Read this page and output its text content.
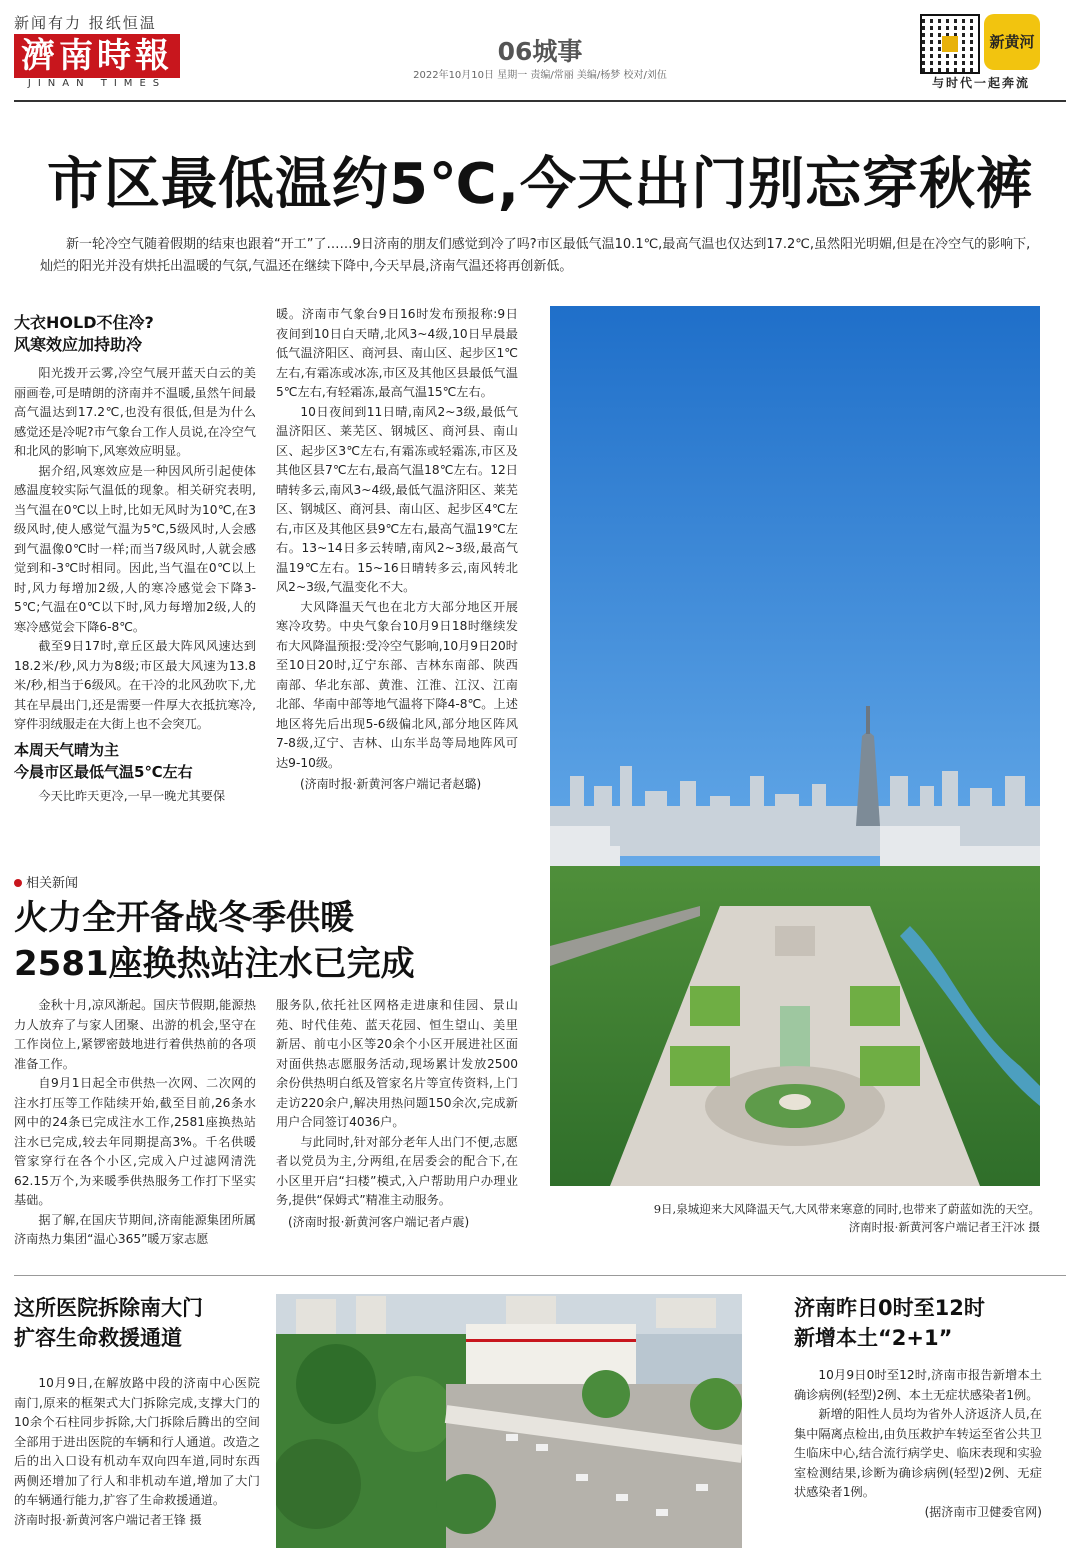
新闻有力 报纸恒温
濟南時報
JINAN TIMES
06城事
2022年10月10日 星期一 责编/常丽 美编/杨梦 校对/刘伍
新黄河
与时代一起奔流
市区最低温约5℃,今天出门别忘穿秋裤
新一轮冷空气随着假期的结束也跟着“开工”了……9日济南的朋友们感觉到冷了吗?市区最低气温10.1℃,最高气温也仅达到17.2℃,虽然阳光明媚,但是在冷空气的影响下,灿烂的阳光并没有烘托出温暖的气氛,气温还在继续下降中,今天早晨,济南气温还将再创新低。
大衣HOLD不住冷?
风寒效应加持助冷

阳光拨开云雾,冷空气展开蓝天白云的美丽画卷,可是晴朗的济南并不温暖,虽然午间最高气温达到17.2℃,也没有很低,但是为什么感觉还是冷呢?市气象台工作人员说,在冷空气和北风的影响下,风寒效应明显。

据介绍,风寒效应是一种因风所引起使体感温度较实际气温低的现象。相关研究表明,当气温在0℃以上时,比如无风时为10℃,在3级风时,使人感觉气温为5℃,5级风时,人会感到气温像0℃时一样;而当7级风时,人就会感觉到和-3℃时相同。因此,当气温在0℃以上时,风力每增加2级,人的寒冷感觉会下降3-5℃;气温在0℃以下时,风力每增加2级,人的寒冷感觉会下降6-8℃。

截至9日17时,章丘区最大阵风风速达到18.2米/秒,风力为8级;市区最大风速为13.8米/秒,相当于6级风。在干冷的北风劲吹下,尤其在早晨出门,还是需要一件厚大衣抵抗寒冷,穿件羽绒服走在大街上也不会突兀。

本周天气晴为主
今晨市区最低气温5℃左右

今天比昨天更冷,一早一晚尤其要保

暖。济南市气象台9日16时发布预报称:9日夜间到10日白天晴,北风3~4级,10日早晨最低气温济阳区、商河县、南山区、起步区1℃左右,有霜冻或冰冻,市区及其他区县最低气温5℃左右,有轻霜冻,最高气温15℃左右。

10日夜间到11日晴,南风2~3级,最低气温济阳区、莱芜区、钢城区、商河县、南山区、起步区3℃左右,有霜冻或轻霜冻,市区及其他区县7℃左右,最高气温18℃左右。12日晴转多云,南风3~4级,最低气温济阳区、莱芜区、钢城区、商河县、南山区、起步区4℃左右,市区及其他区县9℃左右,最高气温19℃左右。13~14日多云转晴,南风2~3级,最高气温19℃左右。15~16日晴转多云,南风转北风2~3级,气温变化不大。

大风降温天气也在北方大部分地区开展寒冷攻势。中央气象台10月9日18时继续发布大风降温预报:受冷空气影响,10月9日20时至10日20时,辽宁东部、吉林东南部、陕西南部、华北东部、黄淮、江淮、江汉、江南北部、华南中部等地气温将下降4-8℃。上述地区将先后出现5-6级偏北风,部分地区阵风7-8级,辽宁、吉林、山东半岛等局地阵风可达9-10级。

(济南时报·新黄河客户端记者赵璐)
9日,泉城迎来大风降温天气,大风带来寒意的同时,也带来了蔚蓝如洗的天空。
济南时报·新黄河客户端记者王汗冰 摄
相关新闻
火力全开备战冬季供暖
2581座换热站注水已完成

金秋十月,凉风渐起。国庆节假期,能源热力人放弃了与家人团聚、出游的机会,坚守在工作岗位上,紧锣密鼓地进行着供热前的各项准备工作。

自9月1日起全市供热一次网、二次网的注水打压等工作陆续开始,截至目前,26条水网中的24条已完成注水工作,2581座换热站注水已完成,较去年同期提高3%。千名供暖管家穿行在各个小区,完成入户过滤网清洗62.15万个,为来暖季供热服务工作打下坚实基础。

据了解,在国庆节期间,济南能源集团所属济南热力集团“温心365”暖万家志愿

服务队,依托社区网格走进康和佳园、景山苑、时代佳苑、蓝天花园、恒生望山、美里新居、前屯小区等20余个小区开展进社区面对面供热志愿服务活动,现场累计发放2500余份供热明白纸及管家名片等宣传资料,上门走访220余户,解决用热问题150余次,完成新用户合同签订4036户。

与此同时,针对部分老年人出门不便,志愿者以党员为主,分两组,在居委会的配合下,在小区里开启“扫楼”模式,入户帮助用户办理业务,提供“保姆式”精准主动服务。

(济南时报·新黄河客户端记者卢震)
这所医院拆除南大门
扩容生命救援通道

10月9日,在解放路中段的济南中心医院南门,原来的框架式大门拆除完成,支撑大门的10余个石柱同步拆除,大门拆除后腾出的空间全部用于进出医院的车辆和行人通道。改造之后的出入口设有机动车双向四车道,同时东西两侧还增加了行人和非机动车道,增加了大门的车辆通行能力,扩容了生命救援通道。

济南时报·新黄河客户端记者王锋 摄
济南昨日0时至12时
新增本土“2+1”

10月9日0时至12时,济南市报告新增本土确诊病例(轻型)2例、本土无症状感染者1例。

新增的阳性人员均为省外人济返济人员,在集中隔离点检出,由负压救护车转运至省公共卫生临床中心,结合流行病学史、临床表现和实验室检测结果,诊断为确诊病例(轻型)2例、无症状感染者1例。

(据济南市卫健委官网)
